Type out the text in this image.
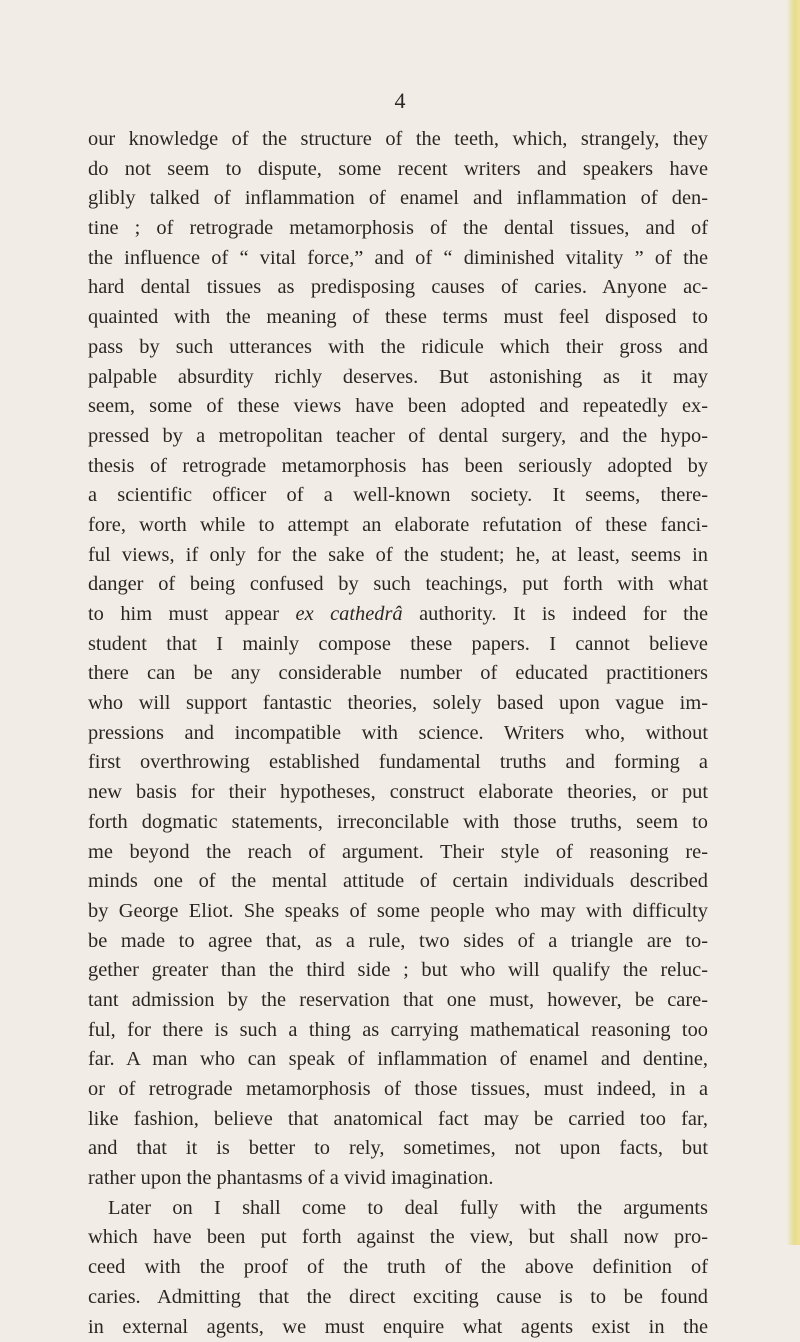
4
our knowledge of the structure of the teeth, which, strangely, they
do not seem to dispute, some recent writers and speakers have
glibly talked of inflammation of enamel and inflammation of den-
tine ; of retrograde metamorphosis of the dental tissues, and of
the influence of “ vital force,” and of “ diminished vitality ” of the
hard dental tissues as predisposing causes of caries. Anyone ac-
quainted with the meaning of these terms must feel disposed to
pass by such utterances with the ridicule which their gross and
palpable absurdity richly deserves. But astonishing as it may
seem, some of these views have been adopted and repeatedly ex-
pressed by a metropolitan teacher of dental surgery, and the hypo-
thesis of retrograde metamorphosis has been seriously adopted by
a scientific officer of a well-known society. It seems, there-
fore, worth while to attempt an elaborate refutation of these fanci-
ful views, if only for the sake of the student; he, at least, seems in
danger of being confused by such teachings, put forth with what
to him must appear ex cathedrâ authority. It is indeed for the
student that I mainly compose these papers. I cannot believe
there can be any considerable number of educated practitioners
who will support fantastic theories, solely based upon vague im-
pressions and incompatible with science. Writers who, without
first overthrowing established fundamental truths and forming a
new basis for their hypotheses, construct elaborate theories, or put
forth dogmatic statements, irreconcilable with those truths, seem to
me beyond the reach of argument. Their style of reasoning re-
minds one of the mental attitude of certain individuals described
by George Eliot. She speaks of some people who may with difficulty
be made to agree that, as a rule, two sides of a triangle are to-
gether greater than the third side ; but who will qualify the reluc-
tant admission by the reservation that one must, however, be care-
ful, for there is such a thing as carrying mathematical reasoning too
far. A man who can speak of inflammation of enamel and dentine,
or of retrograde metamorphosis of those tissues, must indeed, in a
like fashion, believe that anatomical fact may be carried too far,
and that it is better to rely, sometimes, not upon facts, but
rather upon the phantasms of a vivid imagination.
Later on I shall come to deal fully with the arguments
which have been put forth against the view, but shall now pro-
ceed with the proof of the truth of the above definition of
caries. Admitting that the direct exciting cause is to be found
in external agents, we must enquire what agents exist in the
